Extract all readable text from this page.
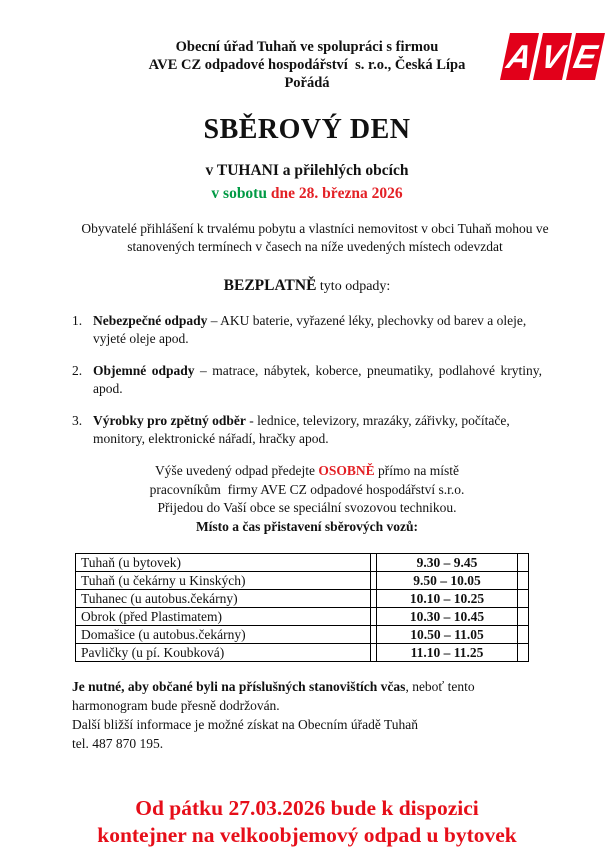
A V E
Obecní úřad Tuhaň ve spolupráci s firmou
AVE CZ odpadové hospodářství  s. r.o., Česká Lípa
Pořádá
SBĚROVÝ DEN
v TUHANI a přilehlých obcích
v sobotu dne 28. března 2026

Obyvatelé přihlášení k trvalému pobytu a vlastníci nemovitost v obci Tuhaň mohou ve stanovených termínech v časech na níže uvedených místech odevzdat

BEZPLATNĚ tyto odpady:
1. Nebezpečné odpady – AKU baterie, vyřazené léky, plechovky od barev a oleje, vyjeté oleje apod.
2. Objemné odpady – matrace, nábytek, koberce, pneumatiky, podlahové krytiny, apod.
3. Výrobky pro zpětný odběr - lednice, televizory, mrazáky, zářivky, počítače, monitory, elektronické nářadí, hračky apod.
Výše uvedený odpad předejte OSOBNĚ přímo na místě
pracovníkům  firmy AVE CZ odpadové hospodářství s.r.o.
Přijedou do Vaší obce se speciální svozovou technikou.
Místo a čas přistavení sběrových vozů:
Tuhaň (u bytovek)		9.30 – 9.45	
Tuhaň (u čekárny u Kinských)		9.50 – 10.05	
Tuhanec (u autobus.čekárny)		10.10 – 10.25	
Obrok (před Plastimatem)		10.30 – 10.45	
Domašice (u autobus.čekárny)		10.50 – 11.05	
Pavličky (u pí. Koubková)		11.10 – 11.25	
Je nutné, aby občané byli na příslušných stanovištích včas, neboť tento harmonogram bude přesně dodržován.
Další bližší informace je možné získat na Obecním úřadě Tuhaň
tel. 487 870 195.
Od pátku 27.03.2026 bude k dispozici
kontejner na velkoobjemový odpad u bytovek
